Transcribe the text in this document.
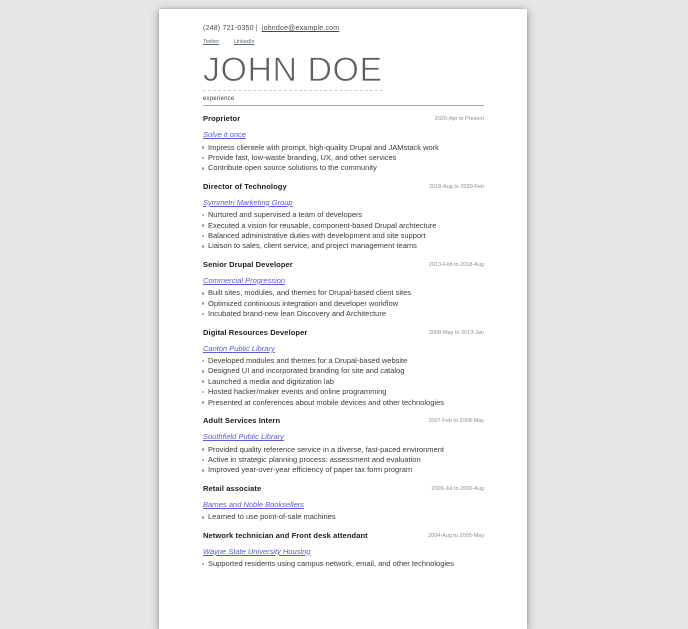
(248) 721-0350 | johndoe@example.com
Twitter	LinkedIn
JOHN DOE
experience
Proprietor	2020-Apr to Present
Solve it once
Impress clientele with prompt, high-quality Drupal and JAMstack work
Provide fast, low-waste branding, UX, and other services
Contribute open source solutions to the community
Director of Technology	2018-Aug to 2020-Feb
Symmetri Marketing Group
Nurtured and supervised a team of developers
Executed a vision for reusable, component-based Drupal archtecture
Balanced administrative duties with development and site support
Liaison to sales, client service, and project management teams
Senior Drupal Developer	2013-Feb to 2018-Aug
Commercial Progression
Built sites, modules, and themes for Drupal-based client sites
Optimized continuous integration and developer workflow
Incubated brand-new lean Discovery and Architecture
Digital Resources Developer	2008-May to 2013-Jan
Canton Public Library
Developed modules and themes for a Drupal-based website
Designed UI and incorporated branding for site and catalog
Launched a media and digitization lab
Hosted hacker/maker events and online programming
Presented at conferences about mobile devices and other technologies
Adult Services Intern	2007-Feb to 2008-May
Southfield Public Library
Provided quality reference service in a diverse, fast-paced environment
Active in strategic planning process: assessment and evaluation
Improved year-over-year efficiency of paper tax form program
Retail associate	2006-Jul to 2006-Aug
Barnes and Noble Booksellers
Learned to use point-of-sale machines
Network technician and Front desk attendant	2004-Aug to 2005-May
Wayne State University Housing
Supported residents using campus network, email, and other technologies
